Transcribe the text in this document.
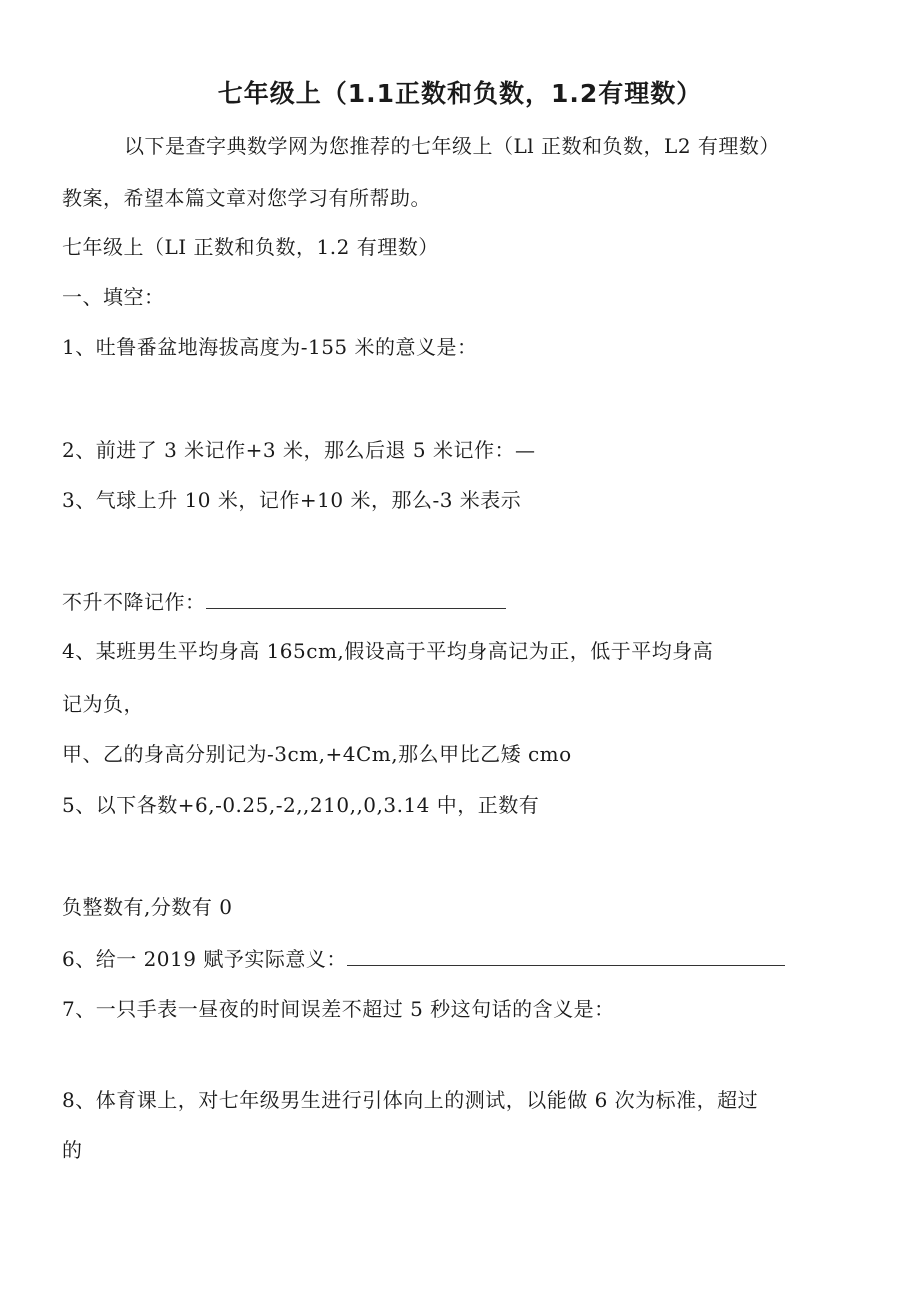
七年级上（1.1正数和负数，1.2有理数）
以下是查字典数学网为您推荐的七年级上（Ll 正数和负数，L2 有理数）
教案，希望本篇文章对您学习有所帮助。
七年级上（LI 正数和负数，1.2 有理数）
一、填空：
1、吐鲁番盆地海拔高度为-155 米的意义是：
2、前进了 3 米记作+3 米，那么后退 5 米记作：—
3、气球上升 10 米，记作+10 米，那么-3 米表示
不升不降记作：
4、某班男生平均身高 165cm,假设高于平均身高记为正，低于平均身高
记为负，
甲、乙的身高分别记为-3cm,+4Cm,那么甲比乙矮 cmo
5、以下各数+6,-0.25,-2,,210,,0,3.14 中，正数有
负整数有,分数有 0
6、给一 2019 赋予实际意义：
7、一只手表一昼夜的时间误差不超过 5 秒这句话的含义是：
8、体育课上，对七年级男生进行引体向上的测试，以能做 6 次为标准，超过
的
